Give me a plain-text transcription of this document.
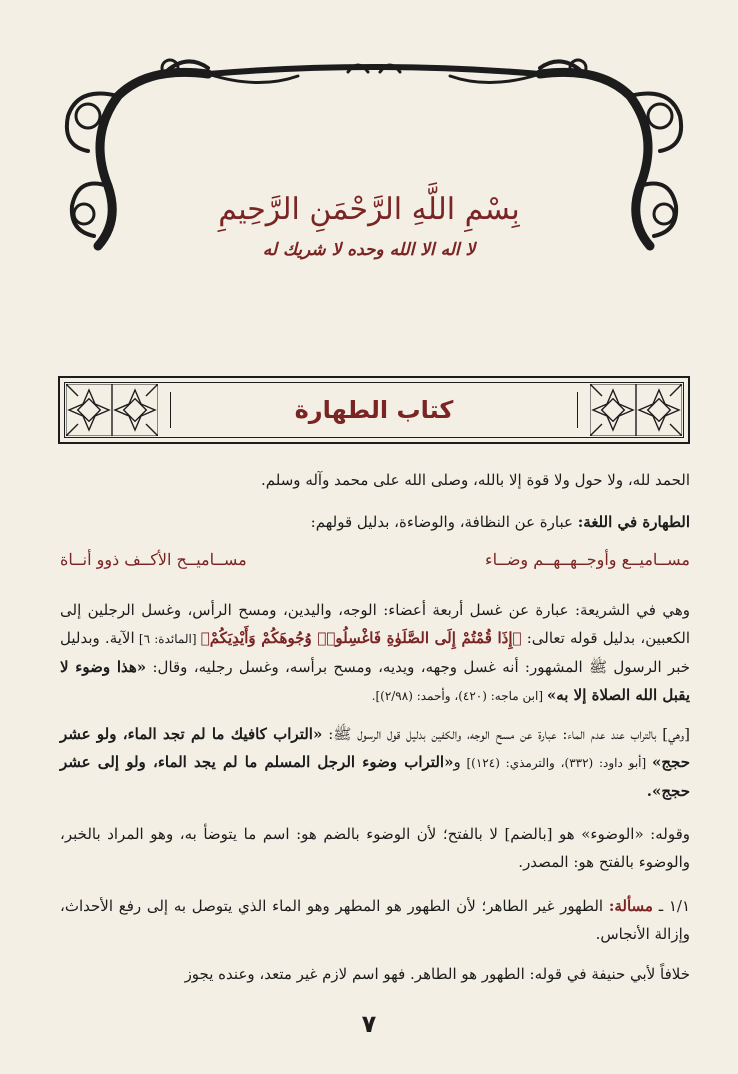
بِسْمِ اللَّهِ الرَّحْمَنِ الرَّحِيمِ
لا اله الا الله وحده لا شريك له
كتاب الطهارة

الحمد لله، ولا حول ولا قوة إلا بالله، وصلى الله على محمد وآله وسلم.

الطهارة في اللغة: عبارة عن النظافة، والوضاءة، بدليل قولهم:

مســاميــع وأوجــهــهــم وضــاء
مســاميــح الأكــف ذوو أنــاة

وهي في الشريعة: عبارة عن غسل أربعة أعضاء: الوجه، واليدين، ومسح الرأس، وغسل الرجلين إلى الكعبين، بدليل قوله تعالى: ﴿إِذَا قُمْتُمْ إِلَى الصَّلَوٰةِ فَاغْسِلُوا۟ وُجُوهَكُمْ وَأَيْدِيَكُمْ﴾ [المائدة: ٦] الآية. وبدليل خبر الرسول ﷺ المشهور: أنه غسل وجهه، ويديه، ومسح برأسه، وغسل رجليه، وقال: «هذا وضوء لا يقبل الله الصلاة إلا به» [ابن ماجه: (٤٢٠)، وأحمد: (٢/٩٨)].

[وهي] بالتراب عند عدم الماء: عبارة عن مسح الوجه، والكفين بدليل قول الرسول ﷺ: «التراب كافيك ما لم تجد الماء، ولو عشر حجج» [أبو داود: (٣٣٢)، والترمذي: (١٢٤)] و«التراب وضوء الرجل المسلم ما لم يجد الماء، ولو إلى عشر حجج».

وقوله: «الوضوء» هو [بالضم] لا بالفتح؛ لأن الوضوء بالضم هو: اسم ما يتوضأ به، وهو المراد بالخبر، والوضوء بالفتح هو: المصدر.

١/١ ـ مسألة: الطهور غير الطاهر؛ لأن الطهور هو المطهر وهو الماء الذي يتوصل به إلى رفع الأحداث، وإزالة الأنجاس.

خلافاً لأبي حنيفة في قوله: الطهور هو الطاهر. فهو اسم لازم غير متعد، وعنده يجوز

٧
